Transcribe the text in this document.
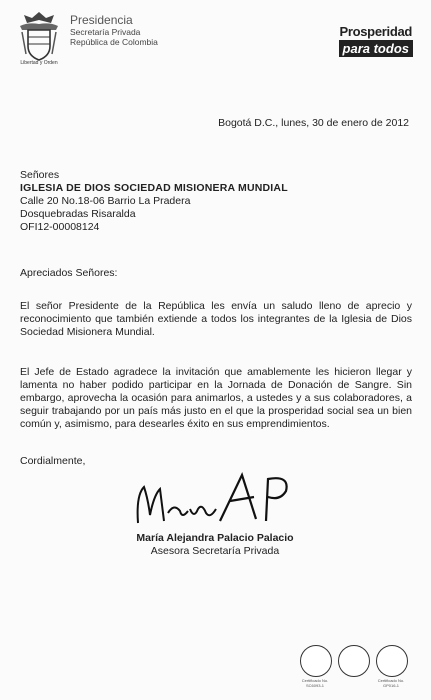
Libertad y Orden
Presidencia
Secretaría Privada
República de Colombia
Prosperidad
para todos
Bogotá D.C., lunes, 30 de enero de 2012
Señores
IGLESIA DE DIOS SOCIEDAD MISIONERA MUNDIAL
Calle 20 No.18-06 Barrio La Pradera
Dosquebradas Risaralda
OFI12-00008124
Apreciados Señores:
El señor Presidente de la República les envía un saludo lleno de aprecio y reconocimiento que también extiende a todos los integrantes de la Iglesia de Dios Sociedad Misionera Mundial.
El Jefe de Estado agradece la invitación que amablemente les hicieron llegar y lamenta no haber podido participar en la Jornada de Donación de Sangre. Sin embargo, aprovecha la ocasión para animarlos, a ustedes y a sus colaboradores, a seguir trabajando por un país más justo en el que la prosperidad social sea un bien común y, asimismo, para desearles éxito en sus emprendimientos.
Cordialmente,
María Alejandra Palacio Palacio
Asesora Secretaría Privada
Certificado No. SC6093-1
Certificado No. GP016-1
